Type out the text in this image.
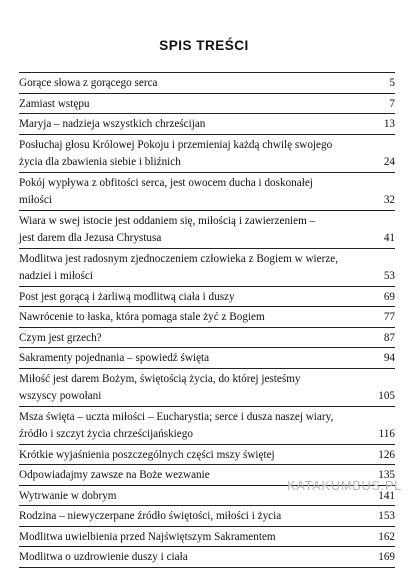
SPIS TREŚCI
Gorące słowa z gorącego serca	5
Zamiast wstępu	7
Maryja – nadzieja wszystkich chrześcijan	13
Posłuchaj głosu Królowej Pokoju i przemieniaj każdą chwilę swojego
życia dla zbawienia siebie i bliźnich	24
Pokój wypływa z obfitości serca, jest owocem ducha i doskonałej
miłości	32
Wiara w swej istocie jest oddaniem się, miłością i zawierzeniem –
jest darem dla Jezusa Chrystusa	41
Modlitwa jest radosnym zjednoczeniem człowieka z Bogiem w wierze,
nadziei i miłości	53
Post jest gorącą i żarliwą modlitwą ciała i duszy	69
Nawrócenie to łaska, która pomaga stale żyć z Bogiem	77
Czym jest grzech?	87
Sakramenty pojednania – spowiedź święta	94
Miłość jest darem Bożym, świętością życia, do której jesteśmy
wszyscy powołani	105
Msza święta – uczta miłości – Eucharystia; serce i dusza naszej wiary,
źródło i szczyt życia chrześcijańskiego	116
Krótkie wyjaśnienia poszczególnych części mszy świętej	126
Odpowiadajmy zawsze na Boże wezwanie	135
Wytrwanie w dobrym	141
Rodzina – niewyczerpane źródło świętości, miłości i życia	153
Modlitwa uwielbienia przed Najświętszym Sakramentem	162
Modlitwa o uzdrowienie duszy i ciała	169
KATAKUMBUS.PL
